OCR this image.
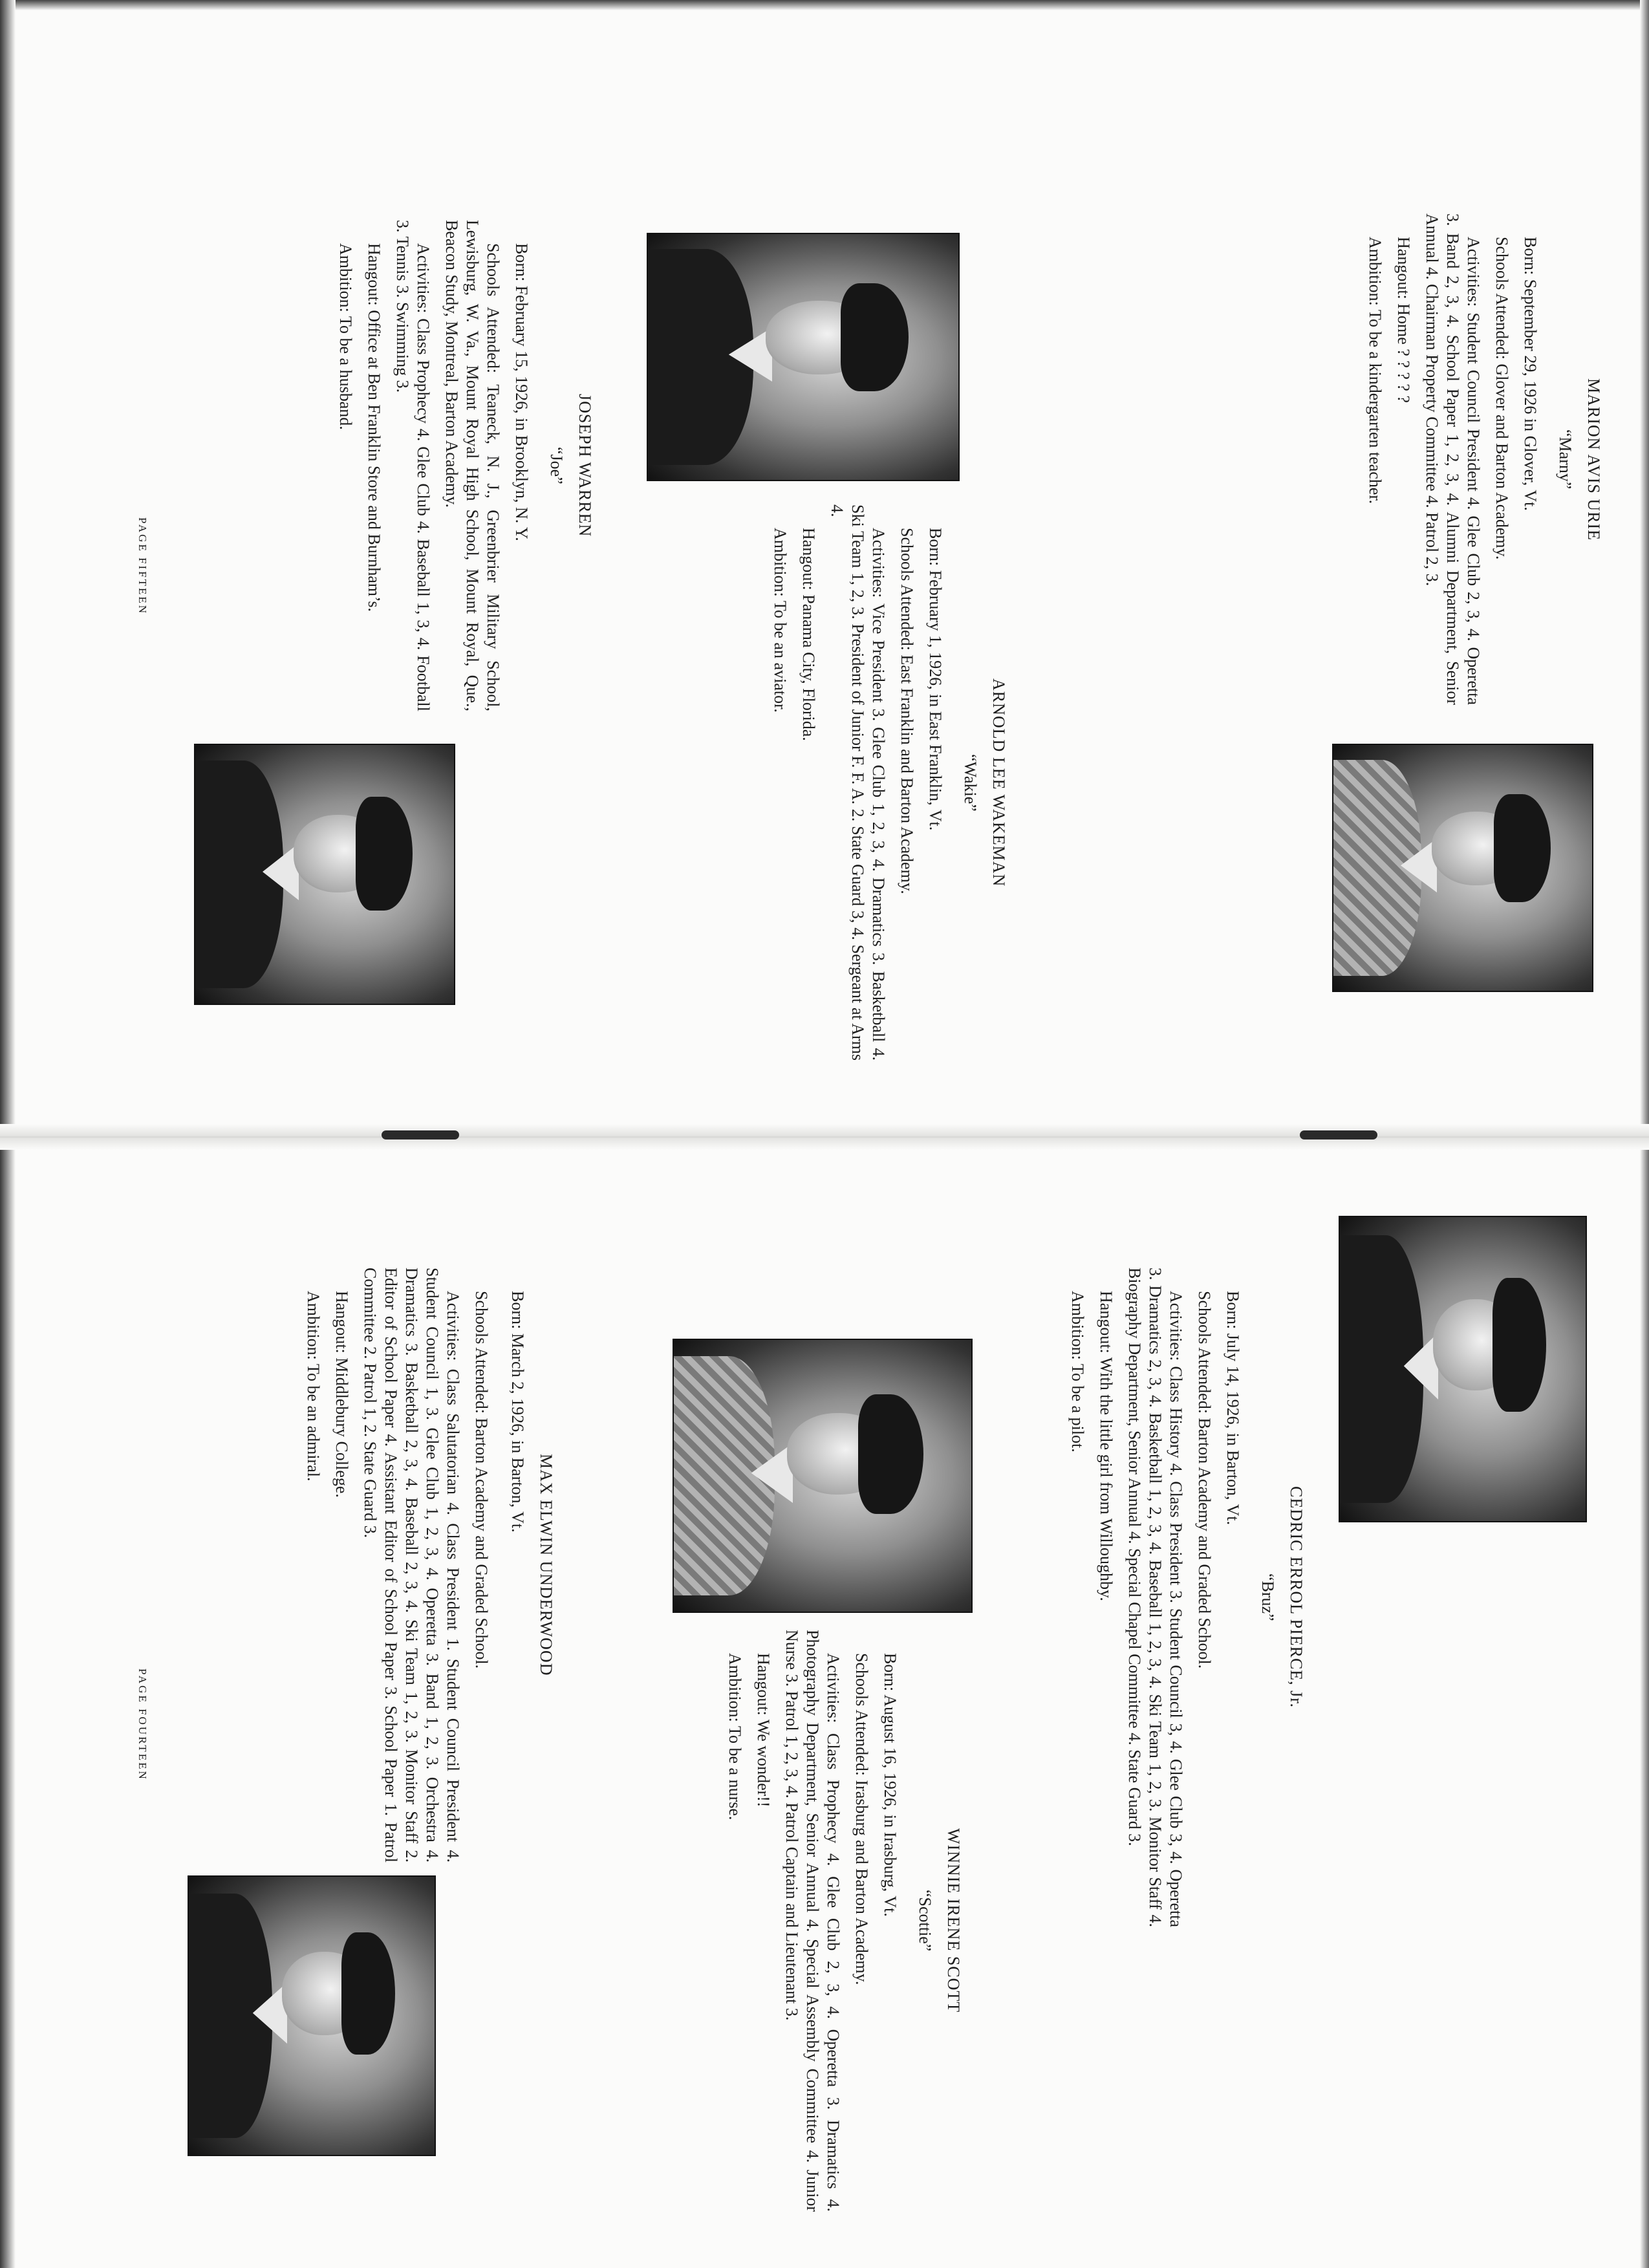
CEDRIC ERROL PIERCE, Jr.

“Bruz”

Born: July 14, 1926, in Barton, Vt.

Schools Attended: Barton Academy and Graded School.

Activities: Class History 4. Class President 3. Student Council 3, 4. Glee Club 3, 4. Operetta 3. Dramatics 2, 3, 4. Basketball 1, 2, 3, 4. Baseball 1, 2, 3, 4. Ski Team 1, 2, 3. Monitor Staff 4. Biography Department, Senior Annual 4. Special Chapel Committee 4. State Guard 3.

Hangout: With the little girl from Willoughby.

Ambition: To be a pilot.

WINNIE IRENE SCOTT

“Scottie”

Born: August 16, 1926, in Irasburg, Vt.

Schools Attended: Irasburg and Barton Academy.

Activities: Class Prophecy 4. Glee Club 2, 3, 4. Operetta 3. Dramatics 4. Photography Department, Senior Annual 4. Special Assembly Committee 4. Junior Nurse 3. Patrol 1, 2, 3, 4. Patrol Captain and Lieutenant 3.

Hangout: We wonder!!

Ambition: To be a nurse.

MAX ELWIN UNDERWOOD

Born: March 2, 1926, in Barton, Vt.

Schools Attended: Barton Academy and Graded School.

Activities: Class Salutatorian 4. Class President 1. Student Council President 4. Student Council 1, 3. Glee Club 1, 2, 3, 4. Operetta 3. Band 1, 2, 3. Orchestra 4. Dramatics 3. Basketball 2, 3, 4. Baseball 2, 3, 4. Ski Team 1, 2, 3. Monitor Staff 2. Editor of School Paper 4. Assistant Editor of School Paper 3. School Paper 1. Patrol Committee 2. Patrol 1, 2. State Guard 3.

Hangout: Middlebury College.

Ambition: To be an admiral.

PAGE FOURTEEN

MARION AVIS URIE

“Marny”

Born: September 29, 1926 in Glover, Vt.

Schools Attended: Glover and Barton Academy.

Activities: Student Council President 4. Glee Club 2, 3, 4. Operetta 3. Band 2, 3, 4. School Paper 1, 2, 3, 4. Alumni Department, Senior Annual 4. Chairman Property Committee 4. Patrol 2, 3.

Hangout: Home ? ? ? ? ?

Ambition: To be a kindergarten teacher.

ARNOLD LEE WAKEMAN

“Wakie”

Born: February 1, 1926, in East Franklin, Vt.

Schools Attended: East Franklin and Barton Academy.

Activities: Vice President 3. Glee Club 1, 2, 3, 4. Dramatics 3. Basketball 4. Ski Team 1, 2, 3. President of Junior F. F. A. 2. State Guard 3, 4. Sergeant at Arms 4.

Hangout: Panama City, Florida.

Ambition: To be an aviator.

JOSEPH WARREN

“Joe”

Born: February 15, 1926, in Brooklyn, N. Y.

Schools Attended: Teaneck, N. J., Greenbrier Military School, Lewisburg, W. Va., Mount Royal High School, Mount Royal, Que., Beacon Study, Montreal, Barton Academy.

Activities: Class Prophecy 4. Glee Club 4. Baseball 1, 3, 4. Football 3. Tennis 3. Swimming 3.

Hangout: Office at Ben Franklin Store and Burnham’s.

Ambition: To be a husband.

PAGE FIFTEEN
